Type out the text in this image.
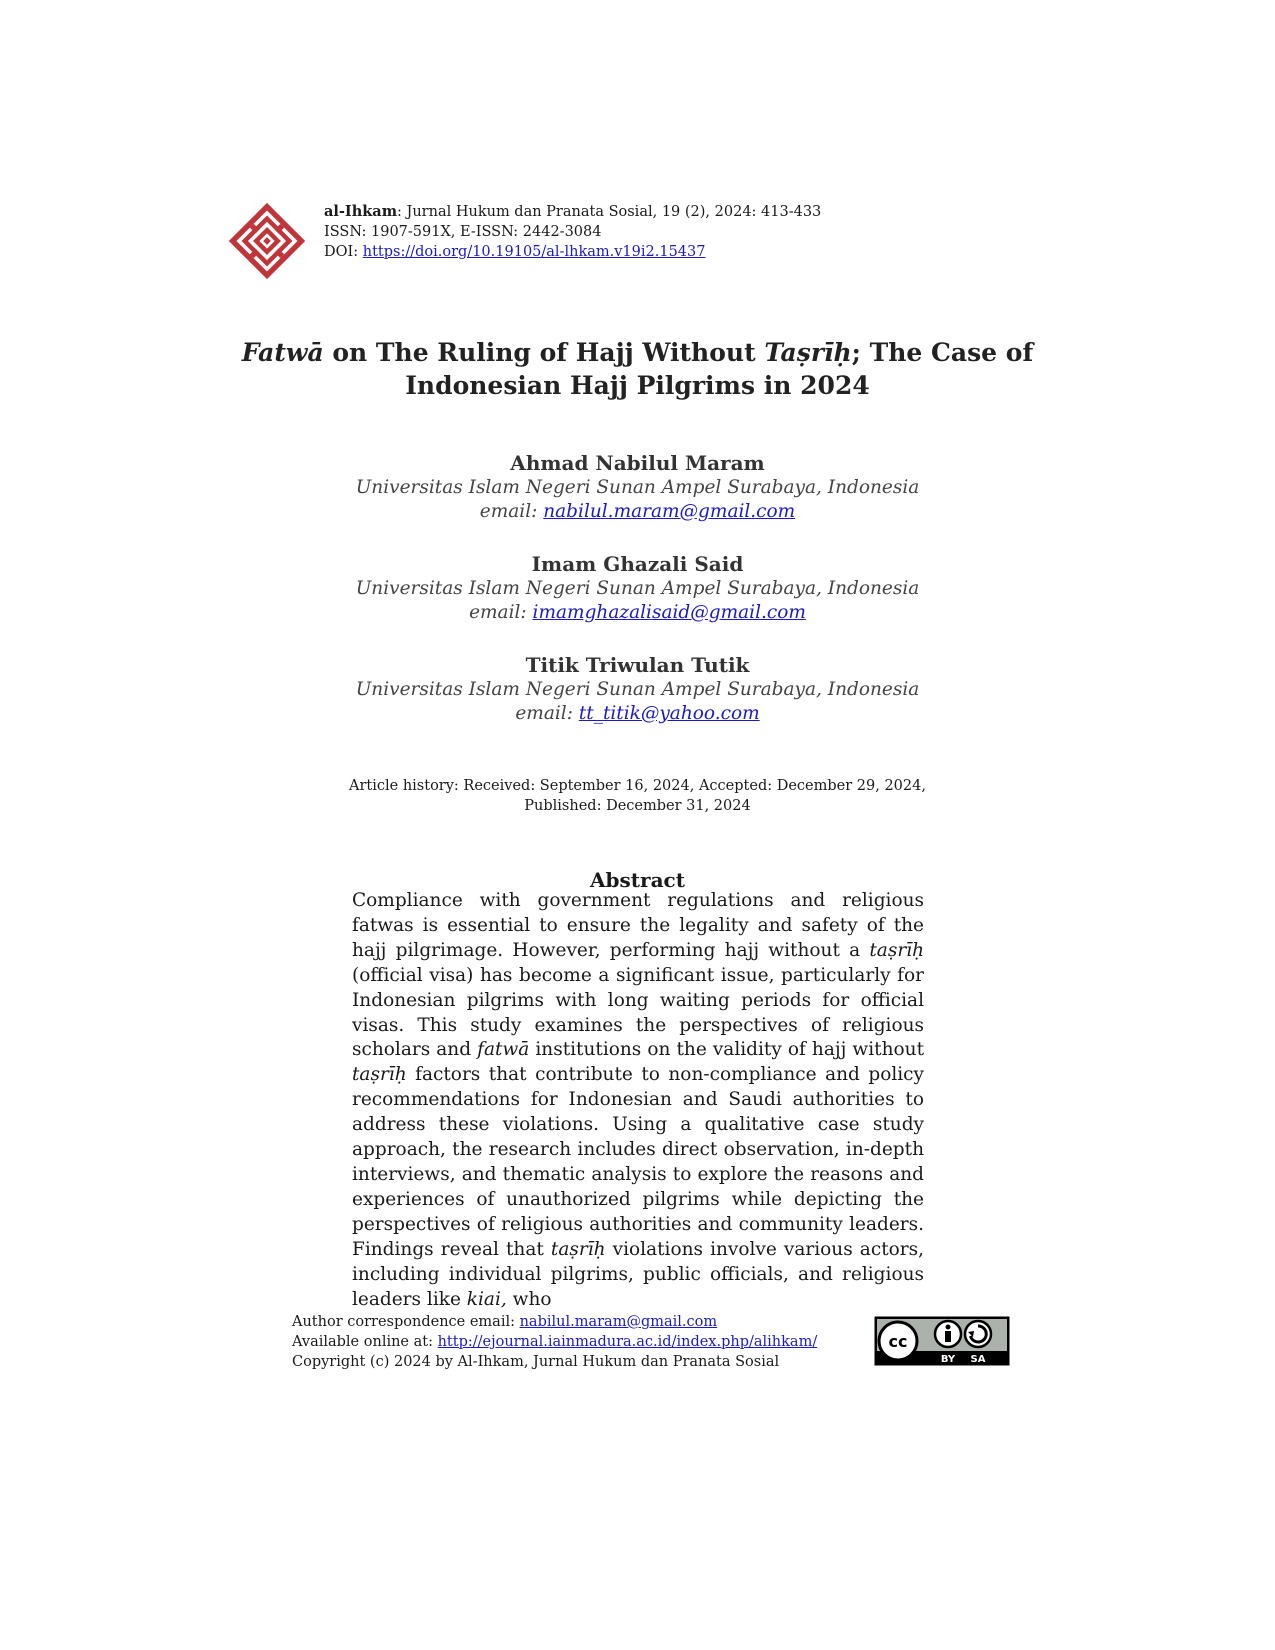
al-Ihkam: Jurnal Hukum dan Pranata Sosial, 19 (2), 2024: 413-433
ISSN: 1907-591X, E-ISSN: 2442-3084
DOI: https://doi.org/10.19105/al-lhkam.v19i2.15437
Fatwā on The Ruling of Hajj Without Taṣrīḥ; The Case of
Indonesian Hajj Pilgrims in 2024
Ahmad Nabilul Maram
Universitas Islam Negeri Sunan Ampel Surabaya, Indonesia
email: nabilul.maram@gmail.com
Imam Ghazali Said
Universitas Islam Negeri Sunan Ampel Surabaya, Indonesia
email: imamghazalisaid@gmail.com
Titik Triwulan Tutik
Universitas Islam Negeri Sunan Ampel Surabaya, Indonesia
email: tt_titik@yahoo.com
Article history: Received: September 16, 2024, Accepted: December 29, 2024,
Published: December 31, 2024
Abstract
Compliance with government regulations and religious fatwas is essential to ensure the legality and safety of the hajj pilgrimage. However, performing hajj without a taṣrīḥ (official visa) has become a significant issue, particularly for Indonesian pilgrims with long waiting periods for official visas. This study examines the perspectives of religious scholars and fatwā institutions on the validity of hajj without taṣrīḥ factors that contribute to non-compliance and policy recommendations for Indonesian and Saudi authorities to address these violations. Using a qualitative case study approach, the research includes direct observation, in-depth interviews, and thematic analysis to explore the reasons and experiences of unauthorized pilgrims while depicting the perspectives of religious authorities and community leaders. Findings reveal that taṣrīḥ violations involve various actors, including individual pilgrims, public officials, and religious leaders like kiai, who
Author correspondence email: nabilul.maram@gmail.com
Available online at: http://ejournal.iainmadura.ac.id/index.php/alihkam/
Copyright (c) 2024 by Al-Ihkam, Jurnal Hukum dan Pranata Sosial
cc
BY SA
